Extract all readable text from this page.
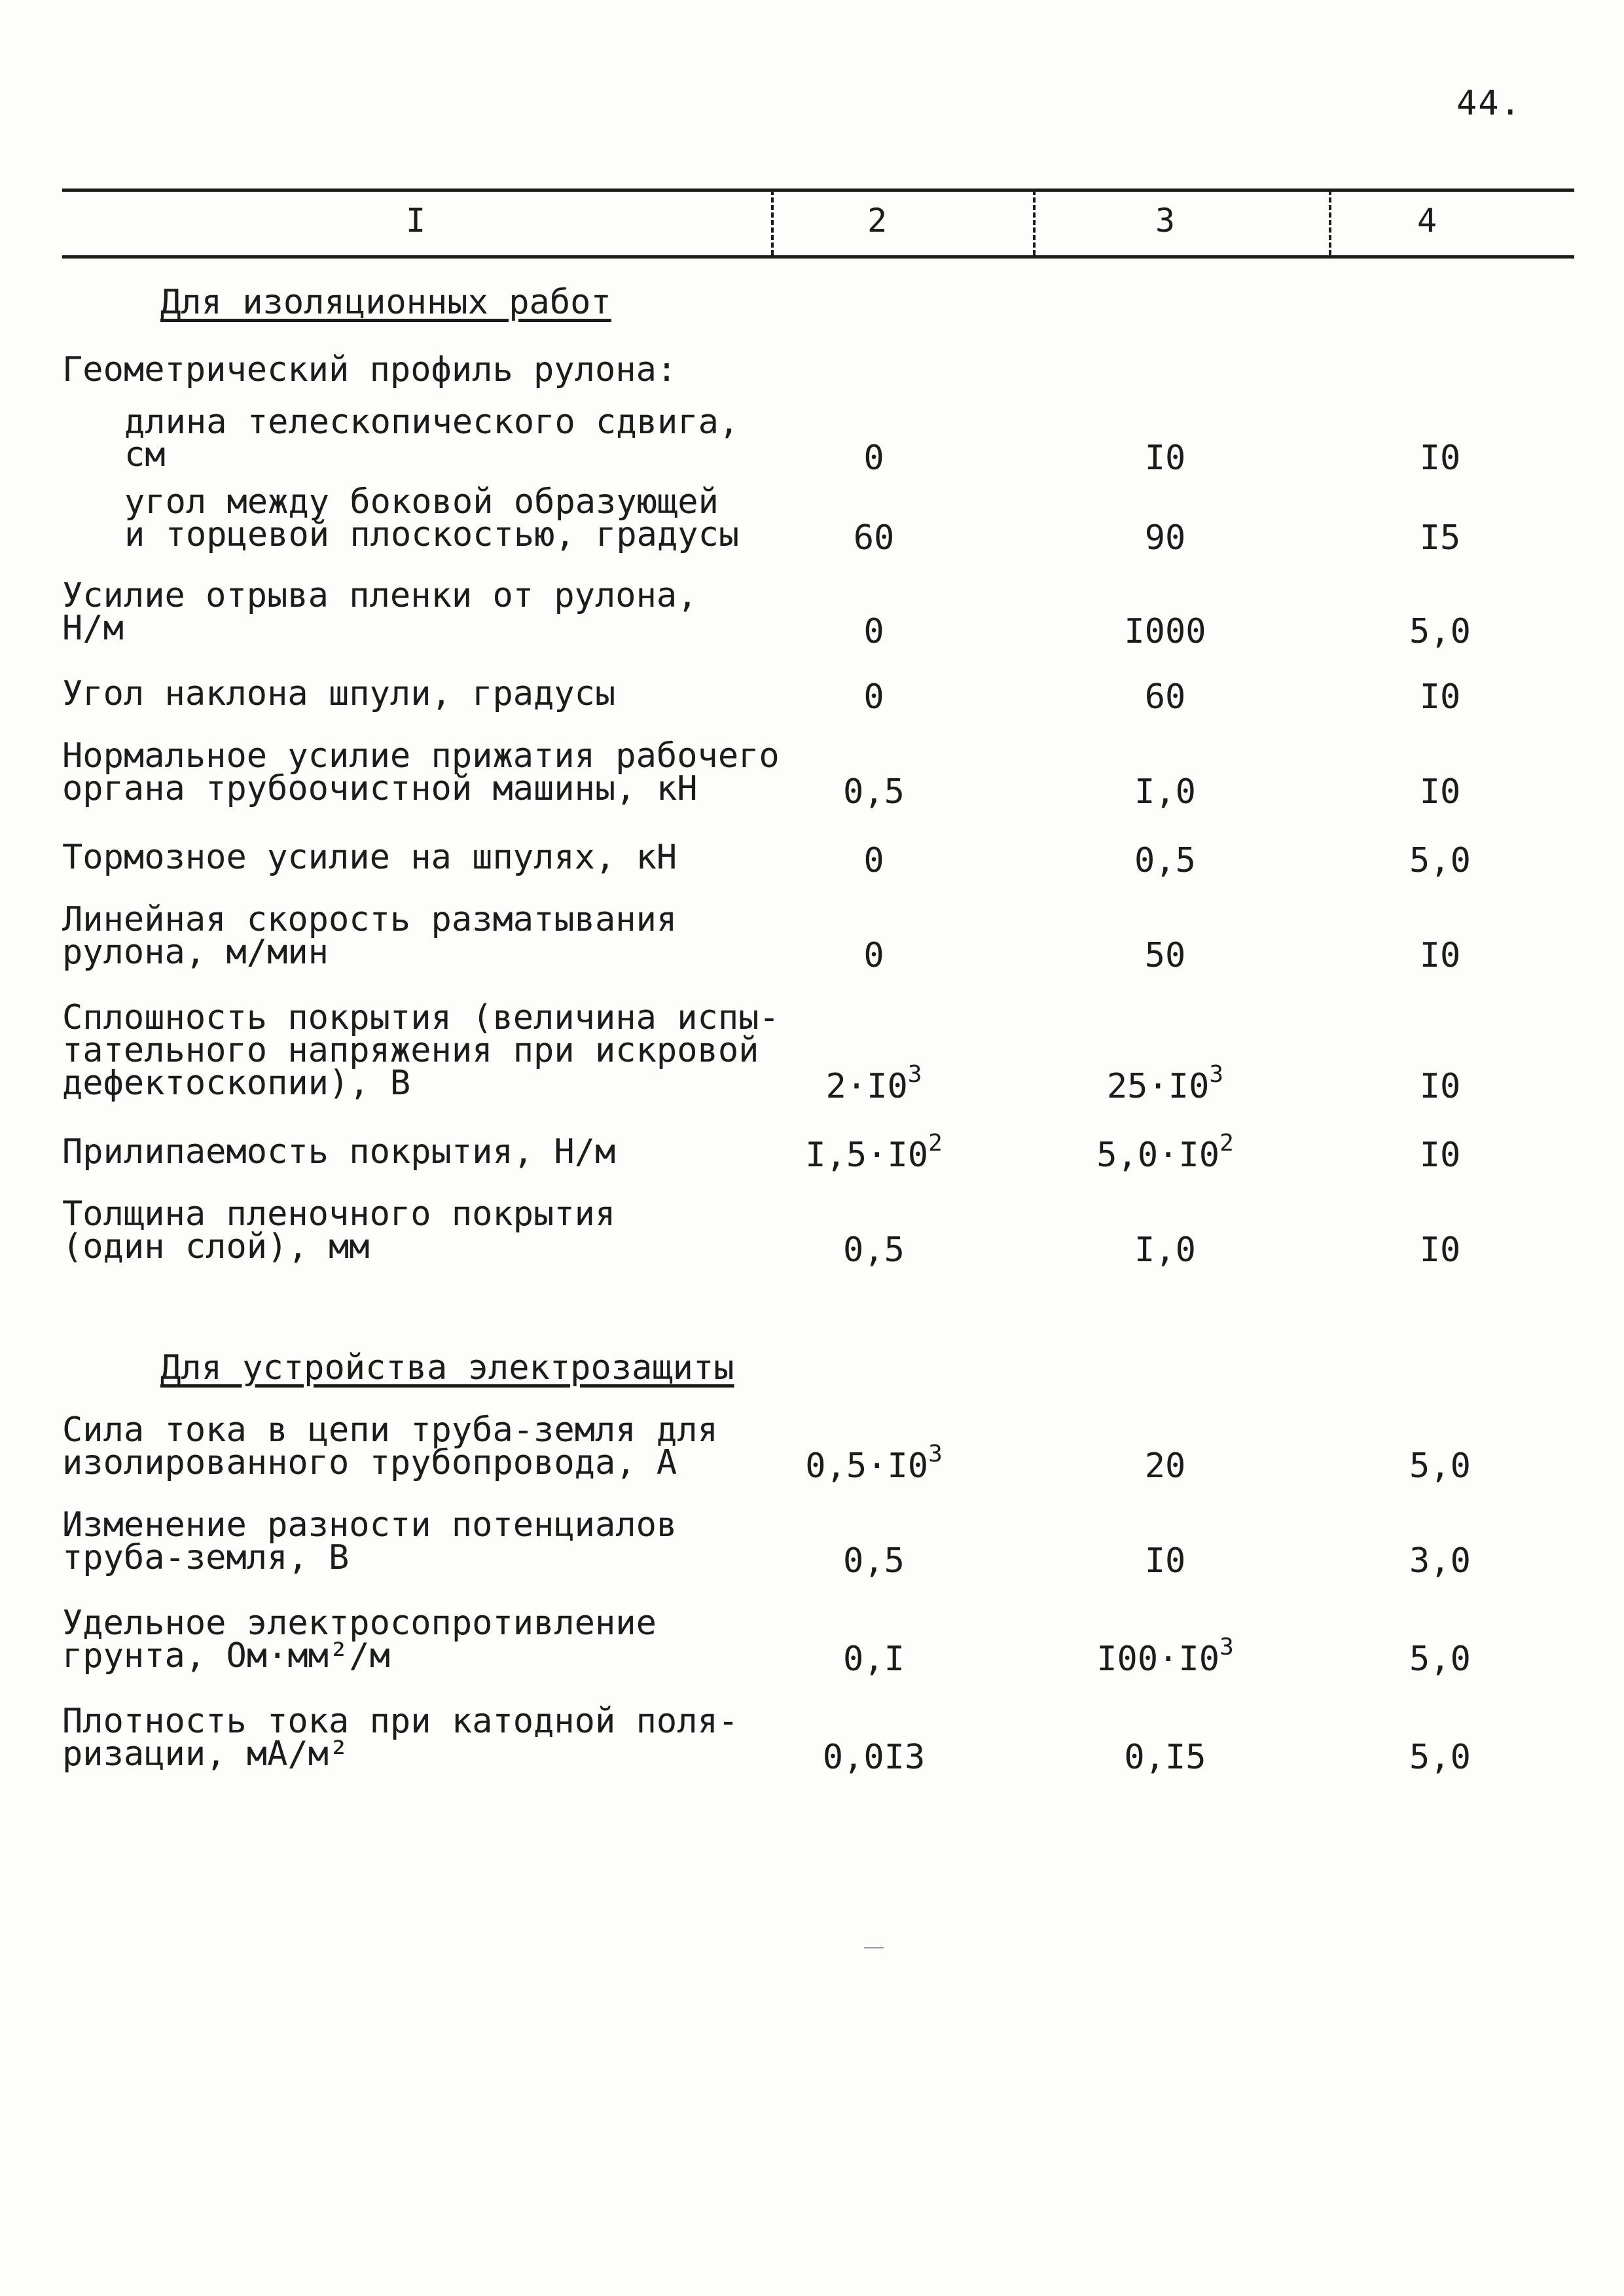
44.
I	2	3	4
Для изоляционных работ
Геометрический профиль рулона:
длина телескопического сдвига,
см	0	I0	I0
угол между боковой образующей
и торцевой плоскостью, градусы	60	90	I5
Усилие отрыва пленки от рулона,
Н/м	0	I000	5,0
Угол наклона шпули, градусы	0	60	I0
Нормальное усилие прижатия рабочего
органа трубоочистной машины, кН	0,5	I,0	I0
Тормозное усилие на шпулях, кН	0	0,5	5,0
Линейная скорость разматывания
рулона, м/мин	0	50	I0
Сплошность покрытия (величина испы-
тательного напряжения при искровой
дефектоскопии), В	$2\cdot I0^3$	$25\cdot I0^3$	I0
Прилипаемость покрытия, Н/м	$I,5\cdot I0^2$	$5,0\cdot I0^2$	I0
Толщина пленочного покрытия
(один слой), мм	0,5	I,0	I0
Сила тока в цепи труба-земля для
изолированного трубопровода, А	$0,5\cdot I0^3$	20	5,0
Изменение разности потенциалов
труба-земля, В	0,5	I0	3,0
Удельное электросопротивление
грунта, Ом·мм²/м	0,I	$I00\cdot I0^3$	5,0
Плотность тока при катодной поля-
ризации, мА/м²	0,0I3	0,I5	5,0
Для устройства электрозащиты
